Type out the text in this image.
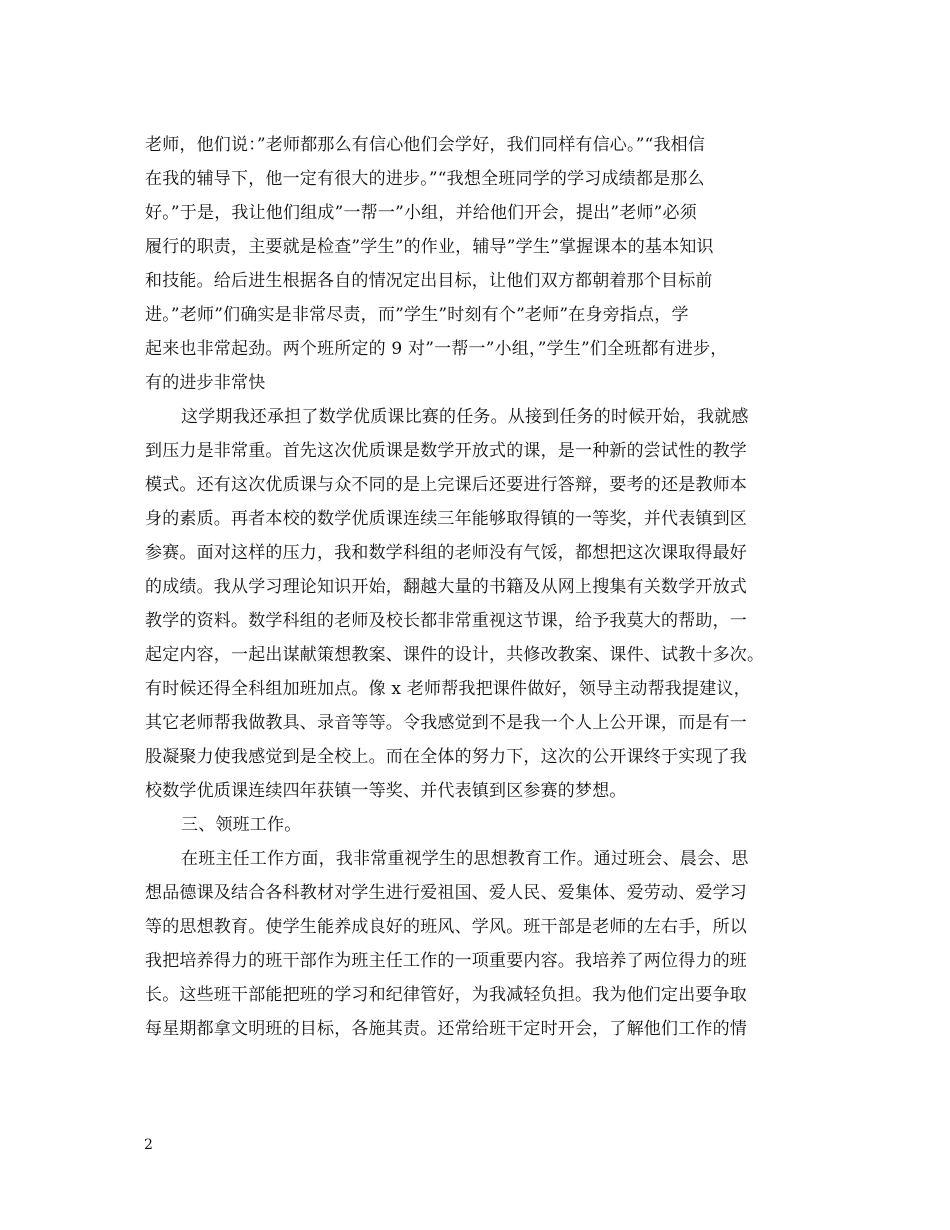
老师，他们说：”老师都那么有信心他们会学好，我们同样有信心。”“我相信
在我的辅导下，他一定有很大的进步。”“我想全班同学的学习成绩都是那么
好。”于是，我让他们组成”一帮一”小组，并给他们开会，提出”老师”必须
履行的职责，主要就是检查”学生”的作业，辅导”学生”掌握课本的基本知识
和技能。给后进生根据各自的情况定出目标，让他们双方都朝着那个目标前
进。”老师”们确实是非常尽责，而”学生”时刻有个”老师”在身旁指点，学
起来也非常起劲。两个班所定的 9 对”一帮一”小组，”学生”们全班都有进步，
有的进步非常快
这学期我还承担了数学优质课比赛的任务。从接到任务的时候开始，我就感
到压力是非常重。首先这次优质课是数学开放式的课，是一种新的尝试性的教学
模式。还有这次优质课与众不同的是上完课后还要进行答辩，要考的还是教师本
身的素质。再者本校的数学优质课连续三年能够取得镇的一等奖，并代表镇到区
参赛。面对这样的压力，我和数学科组的老师没有气馁，都想把这次课取得最好
的成绩。我从学习理论知识开始，翻越大量的书籍及从网上搜集有关数学开放式
教学的资料。数学科组的老师及校长都非常重视这节课，给予我莫大的帮助，一
起定内容，一起出谋献策想教案、课件的设计，共修改教案、课件、试教十多次。
有时候还得全科组加班加点。像 x 老师帮我把课件做好，领导主动帮我提建议，
其它老师帮我做教具、录音等等。令我感觉到不是我一个人上公开课，而是有一
股凝聚力使我感觉到是全校上。而在全体的努力下，这次的公开课终于实现了我
校数学优质课连续四年获镇一等奖、并代表镇到区参赛的梦想。
三、领班工作。
在班主任工作方面，我非常重视学生的思想教育工作。通过班会、晨会、思
想品德课及结合各科教材对学生进行爱祖国、爱人民、爱集体、爱劳动、爱学习
等的思想教育。使学生能养成良好的班风、学风。班干部是老师的左右手，所以
我把培养得力的班干部作为班主任工作的一项重要内容。我培养了两位得力的班
长。这些班干部能把班的学习和纪律管好，为我减轻负担。我为他们定出要争取
每星期都拿文明班的目标，各施其责。还常给班干定时开会，了解他们工作的情
2
